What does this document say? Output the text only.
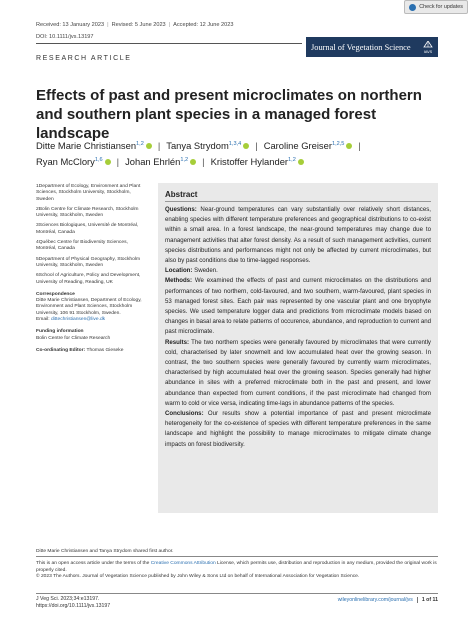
Received: 13 January 2023 | Revised: 5 June 2023 | Accepted: 12 June 2023
DOI: 10.1111/jvs.13197
Check for updates
Journal of Vegetation Science	IAVS
RESEARCH ARTICLE
Effects of past and present microclimates on northern and southern plant species in a managed forest landscape
Ditte Marie Christiansen$^{1,2}$ | Tanya Strydom$^{1,3,4}$ | Caroline Greiser$^{1,2,5}$ |
Ryan McClory$^{1,6}$ | Johan Ehrlén$^{1,2}$ | Kristoffer Hylander$^{1,2}$

1Department of Ecology, Environment and Plant Sciences, Stockholm University, Stockholm, Sweden

2Bolin Centre for Climate Research, Stockholm University, Stockholm, Sweden

3Sciences Biologiques, Université de Montréal, Montréal, Canada

4Québec Centre for Biodiversity Sciences, Montréal, Canada

5Department of Physical Geography, Stockholm University, Stockholm, Sweden

6School of Agriculture, Policy and Development, University of Reading, Reading, UK

Correspondence

Ditte Marie Christiansen, Department of Ecology, Environment and Plant Sciences, Stockholm University, 106 91 Stockholm, Sweden.

Email: dittechristiansen@live.dk

Funding information

Bolin Centre for Climate Research

Co-ordinating Editor: Thomas Gieseke

Abstract

Questions: Near-ground temperatures can vary substantially over relatively short distances, enabling species with different temperature preferences and geographical distributions to co-exist within a small area. In a forest landscape, the near-ground temperatures may change due to management activities that alter forest density. As a result of such management activities, current species distributions and performances might not only be affected by current microclimates, but also by past conditions due to time-lagged responses.

Location: Sweden.

Methods: We examined the effects of past and current microclimates on the distributions and performances of two northern, cold-favoured, and two southern, warm-favoured, plant species in 53 managed forest sites. Each pair was represented by one vascular plant and one bryophyte species. We used temperature logger data and predictions from microclimate models based on changes in basal area to relate patterns of occurence, abundance, and reproduction to current and past microclimate.

Results: The two northern species were generally favoured by microclimates that were currently cold, characterised by later snowmelt and low accumulated heat over the growing season. In contrast, the two southern species were generally favoured by currently warm microclimates, characterised by high accumulated heat over the growing season. Species generally had higher abundance in sites with a preferred microclimate both in the past and present, and lower abundance than expected from current conditions, if the past microclimate had changed from warm to cold or vice versa, indicating time-lags in abundance patterns of the species.

Conclusions: Our results show a potential importance of past and present microclimate heterogeneity for the co-existence of species with different temperature preferences in the same landscape and highlight the possibility to manage microclimates to mitigate climate change impacts on forest biodiversity.

Ditte Marie Christiansen and Tanya Strydom shared first author.
This is an open access article under the terms of the Creative Commons Attribution License, which permits use, distribution and reproduction in any medium, provided the original work is properly cited.
© 2023 The Authors. Journal of Vegetation Science published by John Wiley & Sons Ltd on behalf of International Association for Vegetation Science.
J Veg Sci. 2023;34:e13197.
https://doi.org/10.1111/jvs.13197
wileyonlinelibrary.com/journal/jvs 1 of 11
